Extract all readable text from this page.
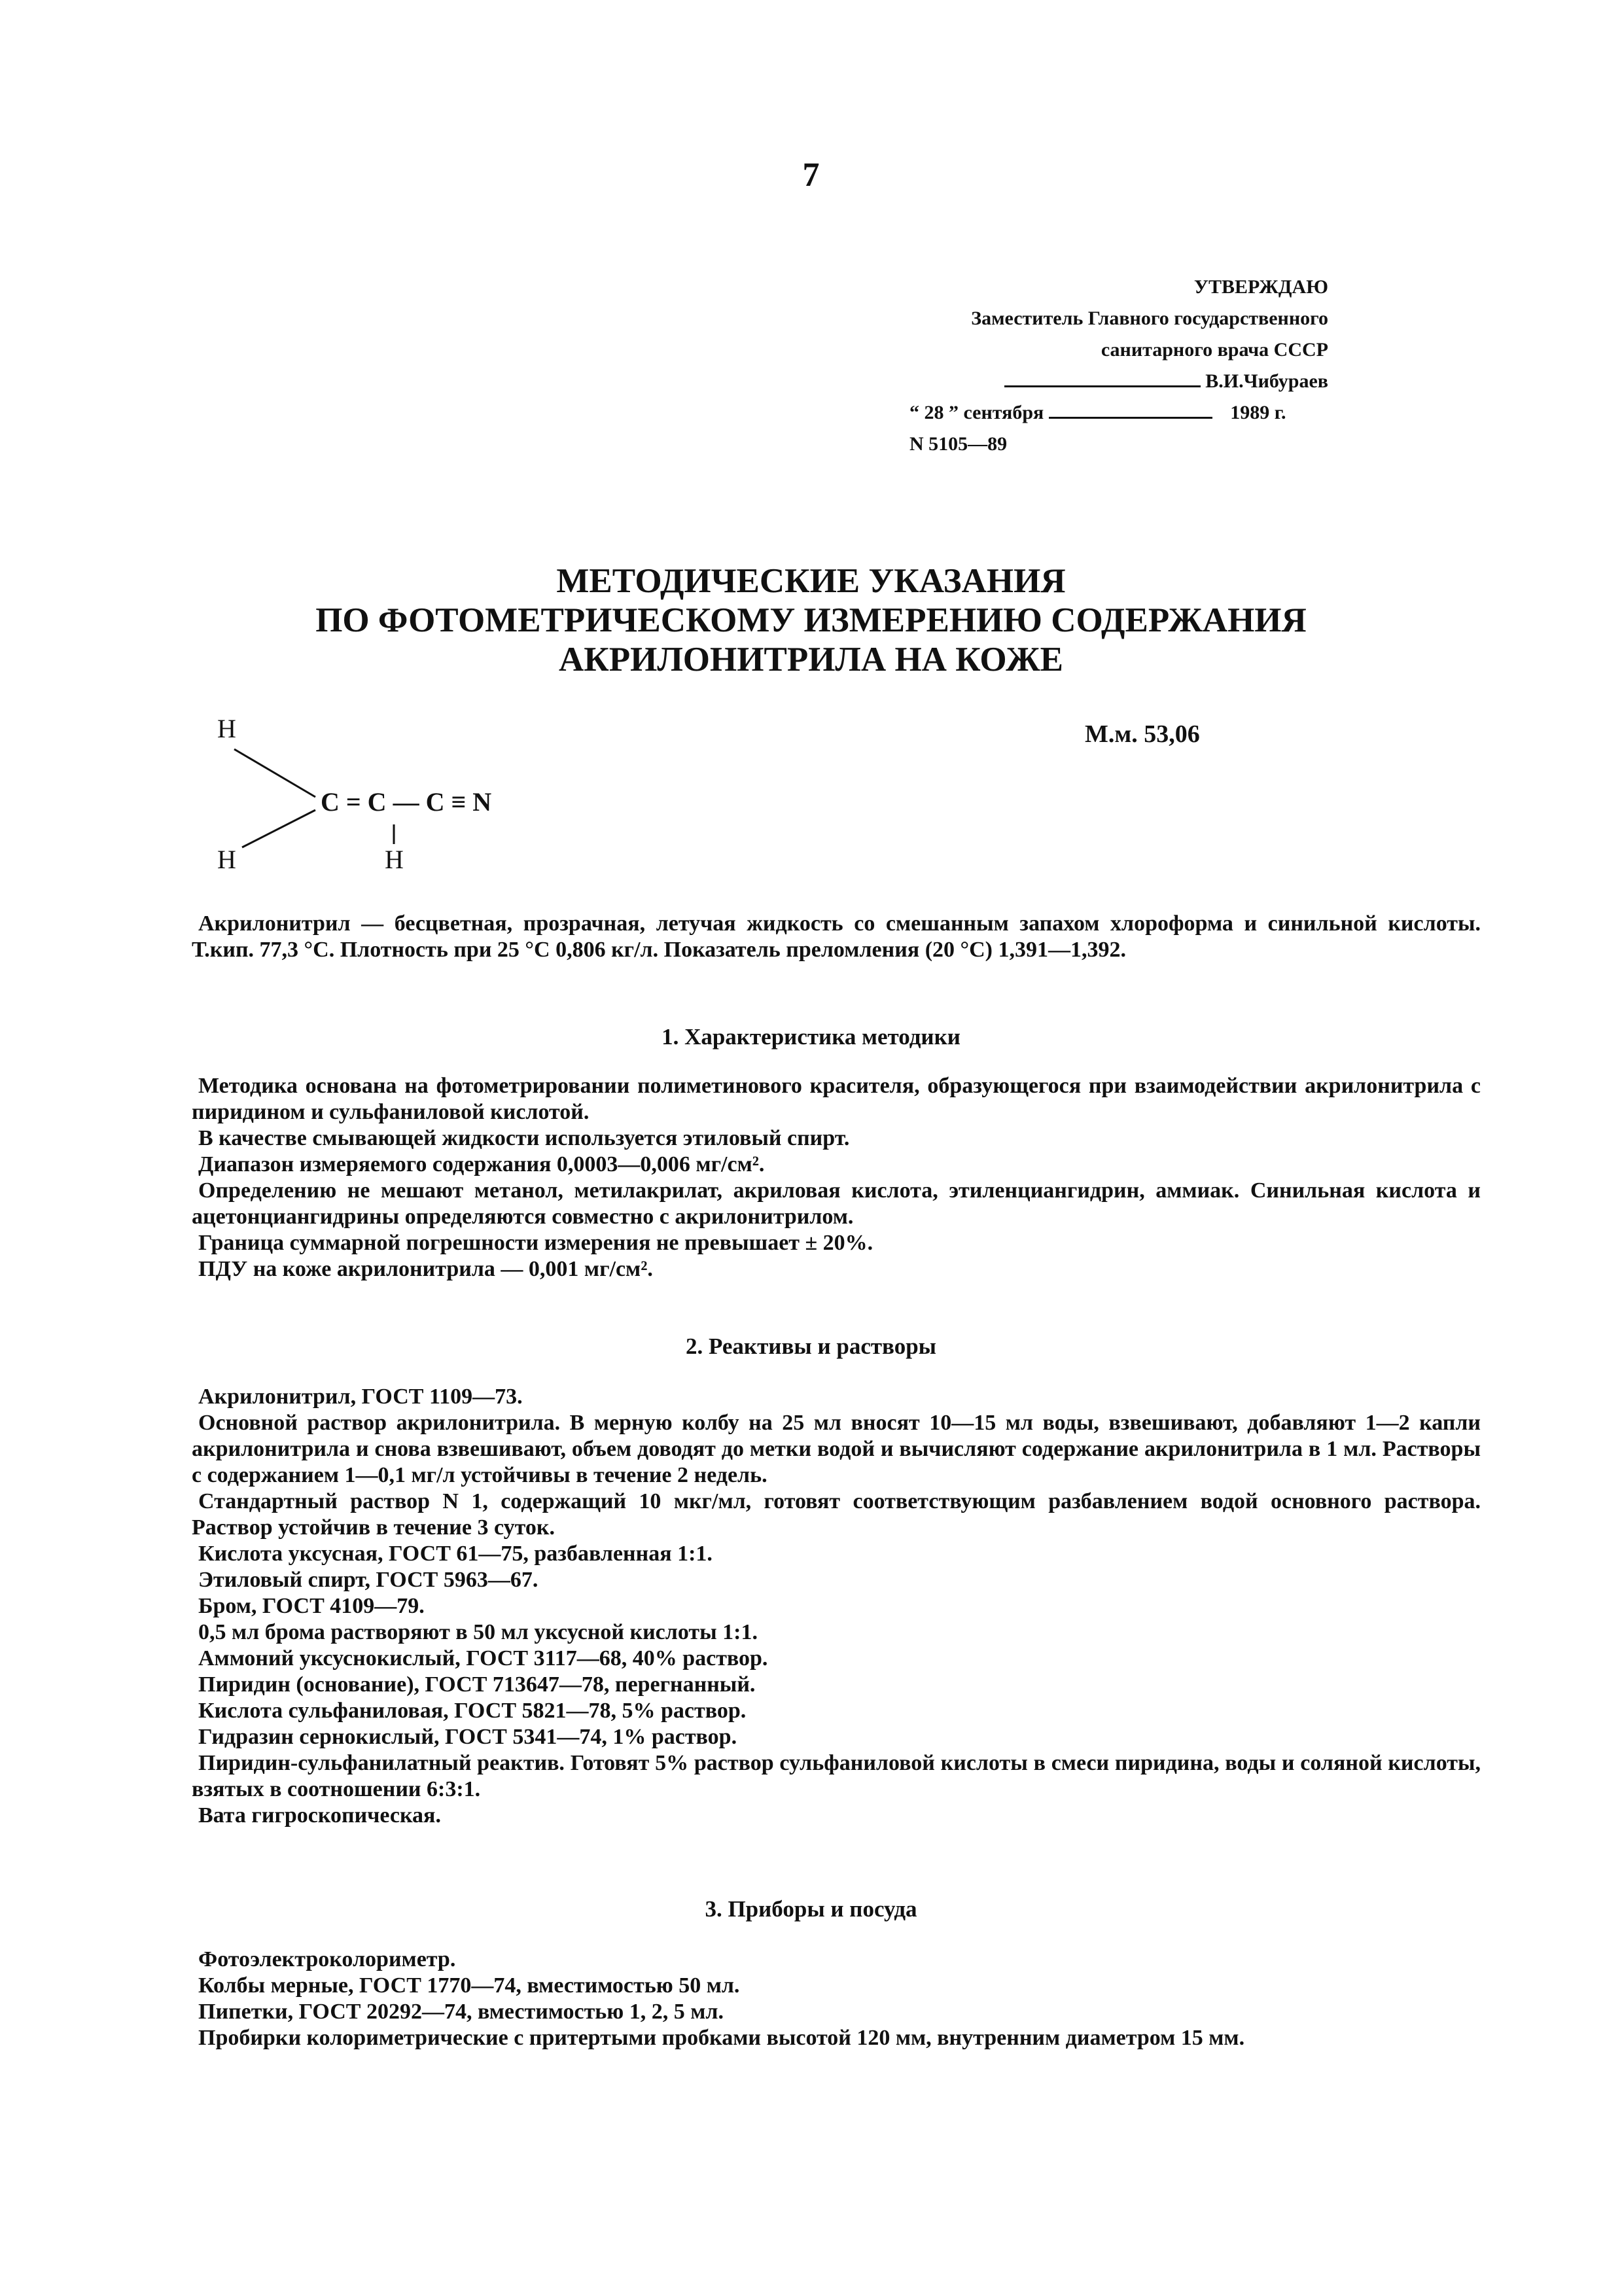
7
УТВЕРЖДАЮ
Заместитель Главного государственного
санитарного врача СССР
В.И.Чибураев
“ 28 ” сентября	1989 г.
N 5105—89
МЕТОДИЧЕСКИЕ УКАЗАНИЯ
ПО ФОТОМЕТРИЧЕСКОМУ ИЗМЕРЕНИЮ СОДЕРЖАНИЯ
АКРИЛОНИТРИЛА НА КОЖЕ
H
H	H
C = C — C ≡ N
М.м. 53,06

Акрилонитрил — бесцветная, прозрачная, летучая жидкость со смешанным запахом хлороформа и синильной кислоты. Т.кип. 77,3 °С. Плотность при 25 °С 0,806 кг/л. Показатель преломления (20 °С) 1,391—1,392.

1. Характеристика методики

Методика основана на фотометрировании полиметинового красителя, образующегося при взаимодействии акрилонитрила с пиридином и сульфаниловой кислотой.

В качестве смывающей жидкости используется этиловый спирт.

Диапазон измеряемого содержания 0,0003—0,006 мг/см².

Определению не мешают метанол, метилакрилат, акриловая кислота, этиленциангидрин, аммиак. Синильная кислота и ацетонциангидрины определяются совместно с акрилонитрилом.

Граница суммарной погрешности измерения не превышает ± 20%.

ПДУ на коже акрилонитрила — 0,001 мг/см².

2. Реактивы и растворы

Акрилонитрил, ГОСТ 1109—73.

Основной раствор акрилонитрила. В мерную колбу на 25 мл вносят 10—15 мл воды, взвешивают, добавляют 1—2 капли акрилонитрила и снова взвешивают, объем доводят до метки водой и вычисляют содержание акрилонитрила в 1 мл. Растворы с содержанием 1—0,1 мг/л устойчивы в течение 2 недель.

Стандартный раствор N 1, содержащий 10 мкг/мл, готовят соответствующим разбавлением водой основного раствора. Раствор устойчив в течение 3 суток.

Кислота уксусная, ГОСТ 61—75, разбавленная 1:1.

Этиловый спирт, ГОСТ 5963—67.

Бром, ГОСТ 4109—79.

0,5 мл брома растворяют в 50 мл уксусной кислоты 1:1.

Аммоний уксуснокислый, ГОСТ 3117—68, 40% раствор.

Пиридин (основание), ГОСТ 713647—78, перегнанный.

Кислота сульфаниловая, ГОСТ 5821—78, 5% раствор.

Гидразин сернокислый, ГОСТ 5341—74, 1% раствор.

Пиридин-сульфанилатный реактив. Готовят 5% раствор сульфаниловой кислоты в смеси пиридина, воды и соляной кислоты, взятых в соотношении 6:3:1.

Вата гигроскопическая.

3. Приборы и посуда

Фотоэлектроколориметр.

Колбы мерные, ГОСТ 1770—74, вместимостью 50 мл.

Пипетки, ГОСТ 20292—74, вместимостью 1, 2, 5 мл.

Пробирки колориметрические с притертыми пробками высотой 120 мм, внутренним диаметром 15 мм.
